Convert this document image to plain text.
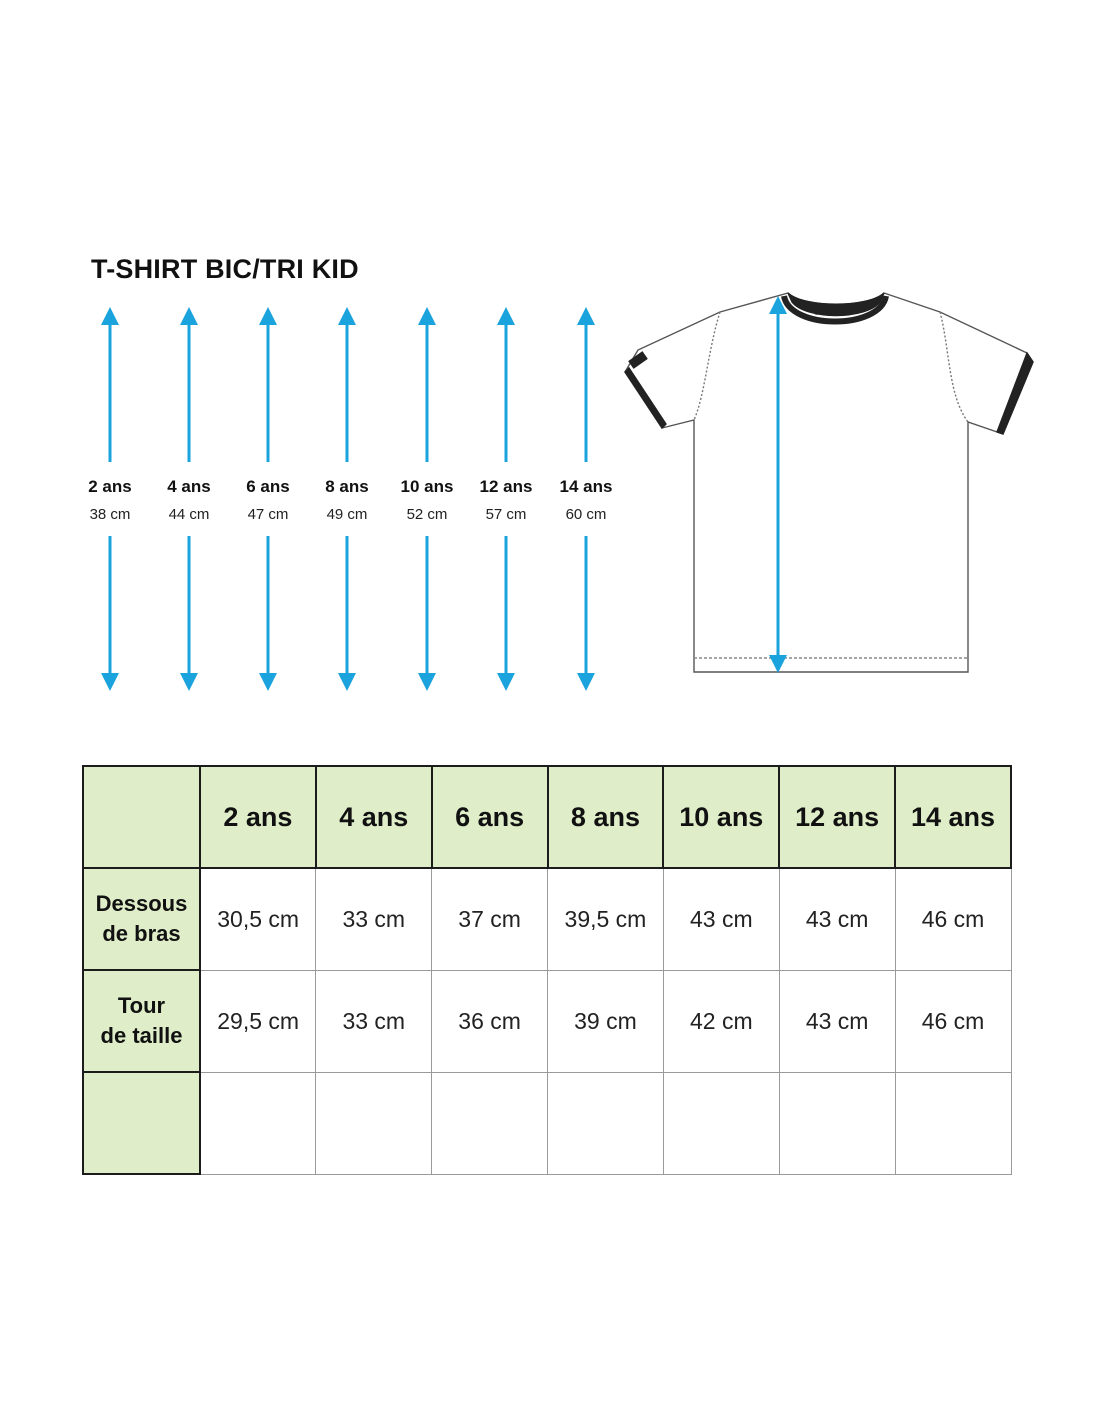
T-SHIRT BIC/TRI KID
2 ans
38 cm
4 ans
44 cm
6 ans
47 cm
8 ans
49 cm
10 ans
52 cm
12 ans
57 cm
14 ans
60 cm
	2 ans	4 ans	6 ans	8 ans	10 ans	12 ans	14 ans

Dessous
de bras	30,5 cm	33 cm	37 cm	39,5 cm	43 cm	43 cm	46 cm

Tour
de taille	29,5 cm	33 cm	36 cm	39 cm	42 cm	43 cm	46 cm
